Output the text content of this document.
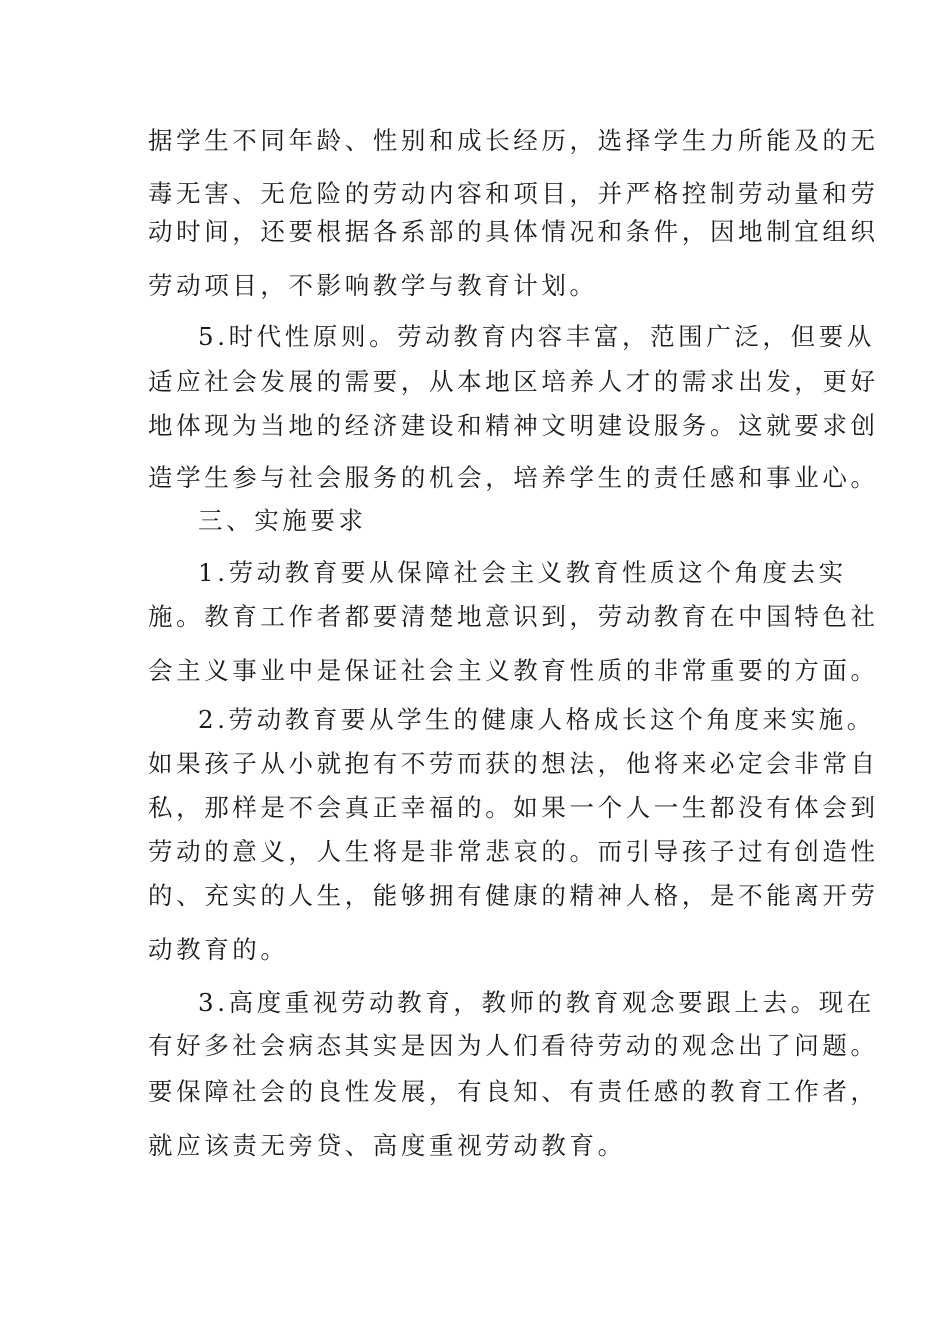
据学生不同年龄、性别和成长经历，选择学生力所能及的无
毒无害、无危险的劳动内容和项目，并严格控制劳动量和劳
动时间，还要根据各系部的具体情况和条件，因地制宜组织
劳动项目，不影响教学与教育计划。
5.时代性原则。劳动教育内容丰富，范围广泛，但要从
适应社会发展的需要，从本地区培养人才的需求出发，更好
地体现为当地的经济建设和精神文明建设服务。这就要求创
造学生参与社会服务的机会，培养学生的责任感和事业心。
三、实施要求
1.劳动教育要从保障社会主义教育性质这个角度去实
施。教育工作者都要清楚地意识到，劳动教育在中国特色社
会主义事业中是保证社会主义教育性质的非常重要的方面。
2.劳动教育要从学生的健康人格成长这个角度来实施。
如果孩子从小就抱有不劳而获的想法，他将来必定会非常自
私，那样是不会真正幸福的。如果一个人一生都没有体会到
劳动的意义，人生将是非常悲哀的。而引导孩子过有创造性
的、充实的人生，能够拥有健康的精神人格，是不能离开劳
动教育的。
3.高度重视劳动教育，教师的教育观念要跟上去。现在
有好多社会病态其实是因为人们看待劳动的观念出了问题。
要保障社会的良性发展，有良知、有责任感的教育工作者，
就应该责无旁贷、高度重视劳动教育。
